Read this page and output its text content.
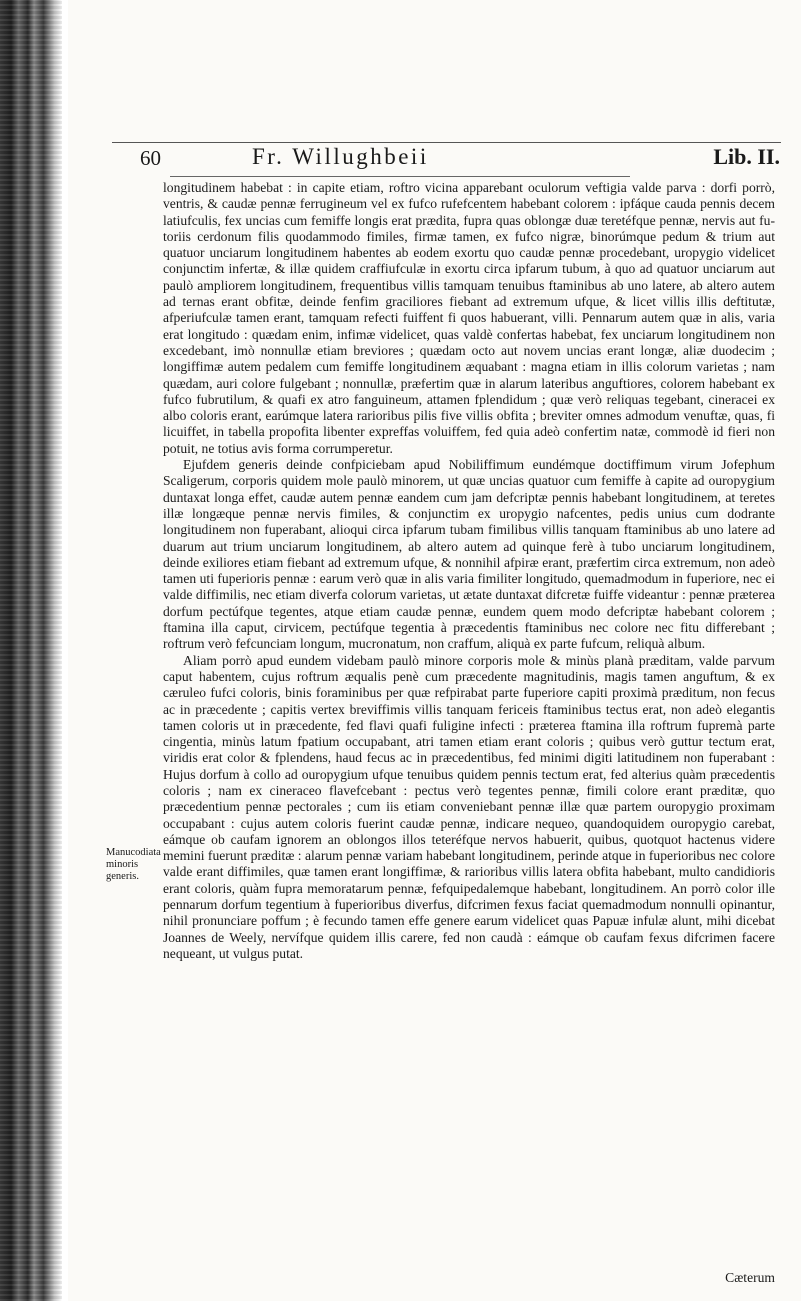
60	Fr. Willughbeii	Lib. II.

longitudinem habebat : in capite etiam, roftro vicina apparebant oculorum veftigia valde parva : dorfi porrò, ventris, & caudæ pennæ ferrugineum vel ex fufco rufefcentem habebant colorem : ipfáque cauda pennis decem latiufculis, fex uncias cum femiffe longis erat prædita, fupra quas oblongæ duæ teretéfque pennæ, nervis aut futoriis cerdonum filis quodammodo fimiles, firmæ tamen, ex fufco nigræ, binorúmque pedum & trium aut quatuor unciarum longitudinem habentes ab eodem exortu quo caudæ pennæ procedebant, uropygio videlicet conjunctim infertæ, & illæ quidem craffiufculæ in exortu circa ipfarum tubum, à quo ad quatuor unciarum aut paulò ampliorem longitudinem, frequentibus villis tamquam tenuibus ftaminibus ab uno latere, ab altero autem ad ternas erant obfitæ, deinde fenfim graciliores fiebant ad extremum ufque, & licet villis illis deftitutæ, afperiufculæ tamen erant, tamquam refecti fuiffent fi quos habuerant, villi. Pennarum autem quæ in alis, varia erat longitudo : quædam enim, infimæ videlicet, quas valdè confertas habebat, fex unciarum longitudinem non excedebant, imò nonnullæ etiam breviores ; quædam octo aut novem uncias erant longæ, aliæ duodecim ; longiffimæ autem pedalem cum femiffe longitudinem æquabant : magna etiam in illis colorum varietas ; nam quædam, auri colore fulgebant ; nonnullæ, præfertim quæ in alarum lateribus anguftiores, colorem habebant ex fufco fubrutilum, & quafi ex atro fanguineum, attamen fplendidum ; quæ verò reliquas tegebant, cineracei ex albo coloris erant, earúmque latera rarioribus pilis five villis obfita ; breviter omnes admodum venuftæ, quas, fi licuiffet, in tabella propofita libenter expreffas voluiffem, fed quia adeò confertim natæ, commodè id fieri non potuit, ne totius avis forma corrumperetur.

Ejufdem generis deinde confpiciebam apud Nobiliffimum eundémque doctiffimum virum Jofephum Scaligerum, corporis quidem mole paulò minorem, ut quæ uncias quatuor cum femiffe à capite ad ouropygium duntaxat longa effet, caudæ autem pennæ eandem cum jam defcriptæ pennis habebant longitudinem, at teretes illæ longæque pennæ nervis fimiles, & conjunctim ex uropygio nafcentes, pedis unius cum dodrante longitudinem non fuperabant, alioqui circa ipfarum tubam fimilibus villis tanquam ftaminibus ab uno latere ad duarum aut trium unciarum longitudinem, ab altero autem ad quinque ferè à tubo unciarum longitudinem, deinde exiliores etiam fiebant ad extremum ufque, & nonnihil afpiræ erant, præfertim circa extremum, non adeò tamen uti fuperioris pennæ : earum verò quæ in alis varia fimiliter longitudo, quemadmodum in fuperiore, nec ei valde diffimilis, nec etiam diverfa colorum varietas, ut ætate duntaxat difcretæ fuiffe videantur : pennæ præterea dorfum pectúfque tegentes, atque etiam caudæ pennæ, eundem quem modo defcriptæ habebant colorem ; ftamina illa caput, cirvicem, pectúfque tegentia à præcedentis ftaminibus nec colore nec fitu differebant ; roftrum verò fefcunciam longum, mucronatum, non craffum, aliquà ex parte fufcum, reliquà album.

Aliam porrò apud eundem videbam paulò minore corporis mole & minùs planà præditam, valde parvum caput habentem, cujus roftrum æqualis penè cum præcedente magnitudinis, magis tamen anguftum, & ex cæruleo fufci coloris, binis foraminibus per quæ refpirabat parte fuperiore capiti proximà præditum, non fecus ac in præcedente ; capitis vertex breviffimis villis tanquam fericeis ftaminibus tectus erat, non adeò elegantis tamen coloris ut in præcedente, fed flavi quafi fuligine infecti : præterea ftamina illa roftrum fupremà parte cingentia, minùs latum fpatium occupabant, atri tamen etiam erant coloris ; quibus verò guttur tectum erat, viridis erat color & fplendens, haud fecus ac in præcedentibus, fed minimi digiti latitudinem non fuperabant : Hujus dorfum à collo ad ouropygium ufque tenuibus quidem pennis tectum erat, fed alterius quàm præcedentis coloris ; nam ex cineraceo flavefcebant : pectus verò tegentes pennæ, fimili colore erant præditæ, quo præcedentium pennæ pectorales ; cum iis etiam conveniebant pennæ illæ quæ partem ouropygio proximam occupabant : cujus autem coloris fuerint caudæ pennæ, indicare nequeo, quandoquidem ouropygio carebat, eámque ob caufam ignorem an oblongos illos teteréfque nervos habuerit, quibus, quotquot hactenus videre memini fuerunt præditæ : alarum pennæ variam habebant longitudinem, perinde atque in fuperioribus nec colore valde erant diffimiles, quæ tamen erant longiffimæ, & rarioribus villis latera obfita habebant, multo candidioris erant coloris, quàm fupra memoratarum pennæ, fefquipedalemque habebant, longitudinem. An porrò color ille pennarum dorfum tegentium à fuperioribus diverfus, difcrimen fexus faciat quemadmodum nonnulli opinantur, nihil pronunciare poffum ; è fecundo tamen effe genere earum videlicet quas Papuæ infulæ alunt, mihi dicebat Joannes de Weely, nervífque quidem illis carere, fed non caudà : eámque ob caufam fexus difcrimen facere nequeant, ut vulgus putat.

Manucodiata minoris generis.
Cæterum
